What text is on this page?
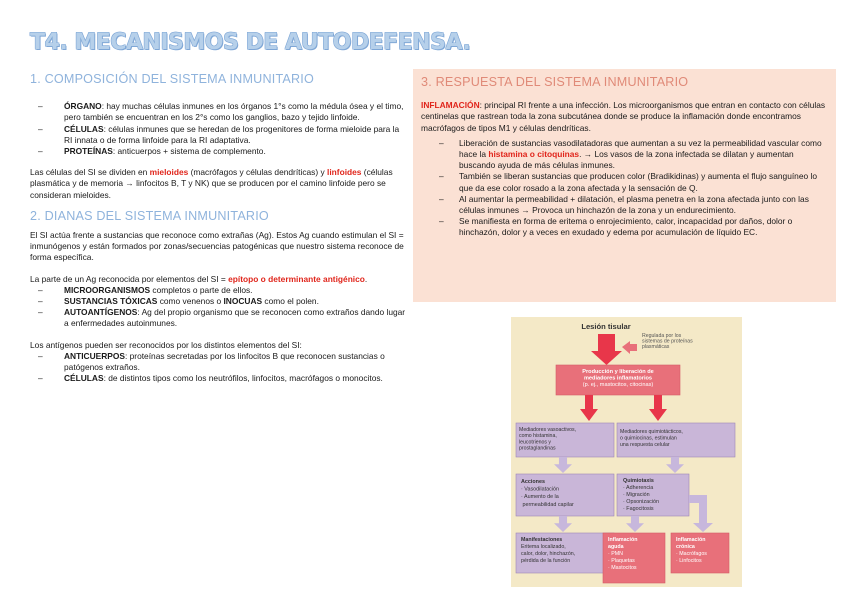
T4. MECANISMOS DE AUTODEFENSA.
1. COMPOSICIÓN DEL SISTEMA INMUNITARIO
– ÓRGANO: hay muchas células inmunes en los órganos 1°s como la médula ósea y el timo, pero también se encuentran en los 2°s como los ganglios, bazo y tejido linfoide.
– CÉLULAS: células inmunes que se heredan de los progenitores de forma mieloide para la RI innata o de forma linfoide para la RI adaptativa.
– PROTEÍNAS: anticuerpos + sistema de complemento.

Las células del SI se dividen en mieloides (macrófagos y células dendríticas) y linfoides (células plasmática y de memoria → linfocitos B, T y NK) que se producen por el camino linfoide pero se consideran mieloides.

2. DIANAS DEL SISTEMA INMUNITARIO

El SI actúa frente a sustancias que reconoce como extrañas (Ag). Estos Ag cuando estimulan el SI = inmunógenos y están formados por zonas/secuencias patogénicas que nuestro sistema reconoce de forma específica.

La parte de un Ag reconocida por elementos del SI = epítopo o determinante antigénico.

– MICROORGANISMOS completos o parte de ellos.
– SUSTANCIAS TÓXICAS como venenos o INOCUAS como el polen.
– AUTOANTÍGENOS: Ag del propio organismo que se reconocen como extraños dando lugar a enfermedades autoinmunes.

Los antígenos pueden ser reconocidos por los distintos elementos del SI:

– ANTICUERPOS: proteínas secretadas por los linfocitos B que reconocen sustancias o patógenos extraños.
– CÉLULAS: de distintos tipos como los neutrófilos, linfocitos, macrófagos o monocitos.
3. RESPUESTA DEL SISTEMA INMUNITARIO

INFLAMACIÓN: principal RI frente a una infección. Los microorganismos que entran en contacto con células centinelas que rastrean toda la zona subcutánea donde se produce la inflamación donde encontramos macrófagos de tipos M1 y células dendríticas.

– Liberación de sustancias vasodilatadoras que aumentan a su vez la permeabilidad vascular como hace la histamina o citoquinas. → Los vasos de la zona infectada se dilatan y aumentan buscando ayuda de más células inmunes.
– También se liberan sustancias que producen color (Bradikidinas) y aumenta el flujo sanguíneo lo que da ese color rosado a la zona afectada y la sensación de Q.
– Al aumentar la permeabilidad + dilatación, el plasma penetra en la zona afectada junto con las células inmunes → Provoca un hinchazón de la zona y un endurecimiento.
– Se manifiesta en forma de eritema o enrojecimiento, calor, incapacidad por daños, dolor o hinchazón, dolor y a veces en exudado y edema por acumulación de líquido EC.
Lesión tisular
Regulada por los sistemas de proteínas plasmáticas
Producción y liberación de mediadores inflamatorios (p. ej., mastocitos, citocinas)
Mediadores vasoactivos, como histamina, leucotrienos y prostaglandinas
Mediadores quimiotácticos, o quimiocinas, estimulan una respuesta celular
Acciones · Vasodilatación · Aumento de la permeabilidad capilar
Quimiotaxis · Adherencia · Migración · Opsonización · Fagocitosis
Manifestaciones Eritema localizado, calor, dolor, hinchazón, pérdida de la función
Inflamación aguda · PMN · Plaquetas · Mastocitos
Inflamación crónica · Macrófagos · Linfocitos
